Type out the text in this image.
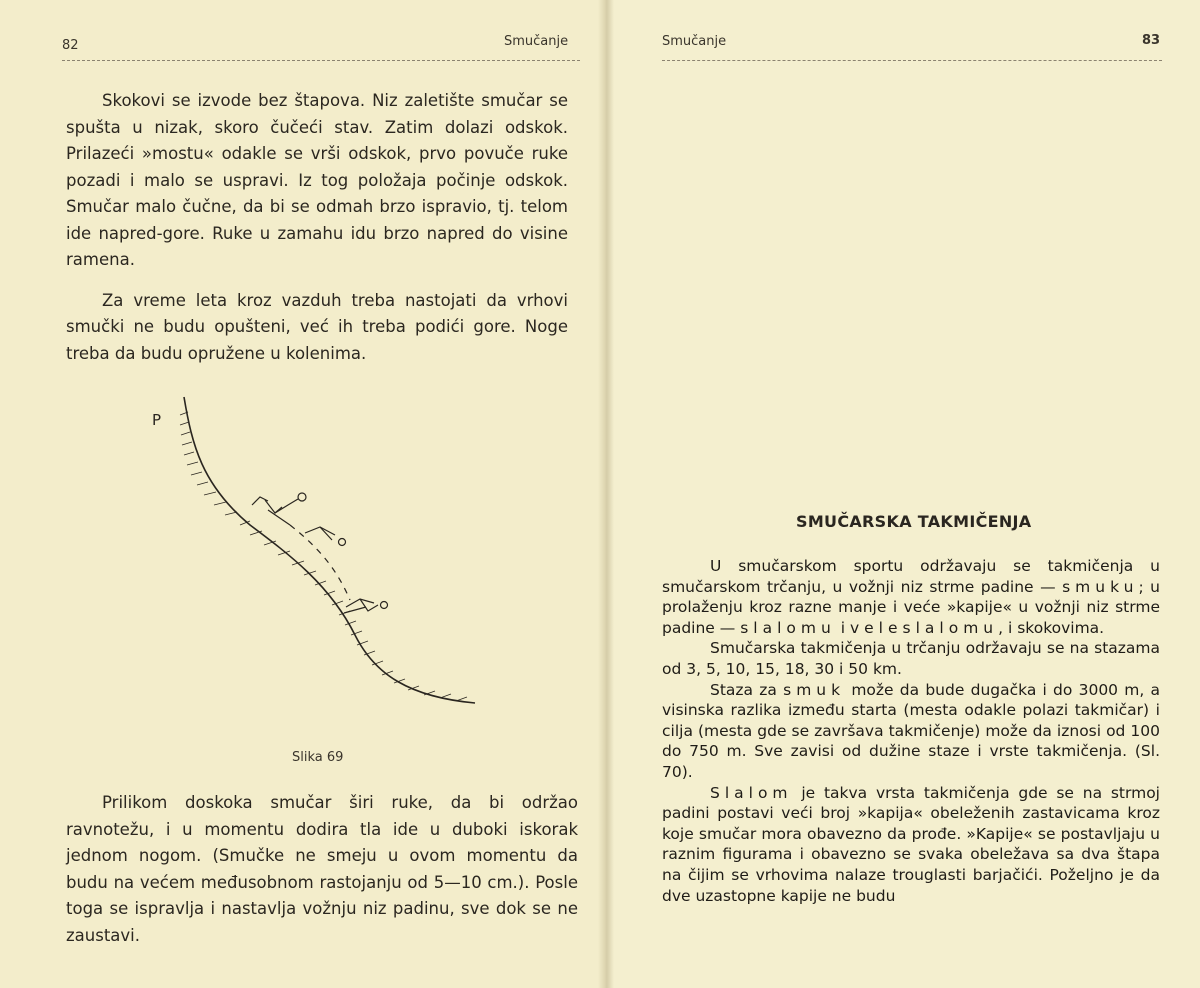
82	Smučanje

Skokovi se izvode bez štapova. Niz zaletište smučar se spušta u nizak, skoro čučeći stav. Zatim dolazi odskok. Prilazeći »mostu« odakle se vrši odskok, prvo povuče ruke pozadi i malo se uspravi. Iz tog položaja počinje odskok. Smučar malo čučne, da bi se odmah brzo ispravio, tj. telom ide napred-gore. Ruke u zamahu idu brzo napred do visine ramena.

Za vreme leta kroz vazduh treba nastojati da vrhovi smučki ne budu opušteni, već ih treba podići gore. Noge treba da budu opružene u kolenima.

P
Slika 69

Prilikom doskoka smučar širi ruke, da bi održao ravnotežu, i u momentu dodira tla ide u duboki iskorak jednom nogom. (Smučke ne smeju u ovom momentu da budu na većem međusobnom rastojanju od 5—10 cm.). Posle toga se ispravlja i nastavlja vožnju niz padinu, sve dok se ne zaustavi.

Smučanje	83
SMUČARSKA TAKMIČENJA

U smučarskom sportu održavaju se takmičenja u smučarskom trčanju, u vožnji niz strme padine — smuku; u prolaženju kroz razne manje i veće »kapije« u vožnji niz strme padine — slalomu i veleslalomu, i skokovima.

Smučarska takmičenja u trčanju održavaju se na stazama od 3, 5, 10, 15, 18, 30 i 50 km.

Staza za smuk može da bude dugačka i do 3000 m, a visinska razlika između starta (mesta odakle polazi takmičar) i cilja (mesta gde se završava takmičenje) može da iznosi od 100 do 750 m. Sve zavisi od dužine staze i vrste takmičenja. (Sl. 70).

Slalom je takva vrsta takmičenja gde se na strmoj padini postavi veći broj »kapija« obeleženih zastavicama kroz koje smučar mora obavezno da prođe. »Kapije« se postavljaju u raznim figurama i obavezno se svaka obeležava sa dva štapa na čijim se vrhovima nalaze trouglasti barjačići. Poželjno je da dve uzastopne kapije ne budu
